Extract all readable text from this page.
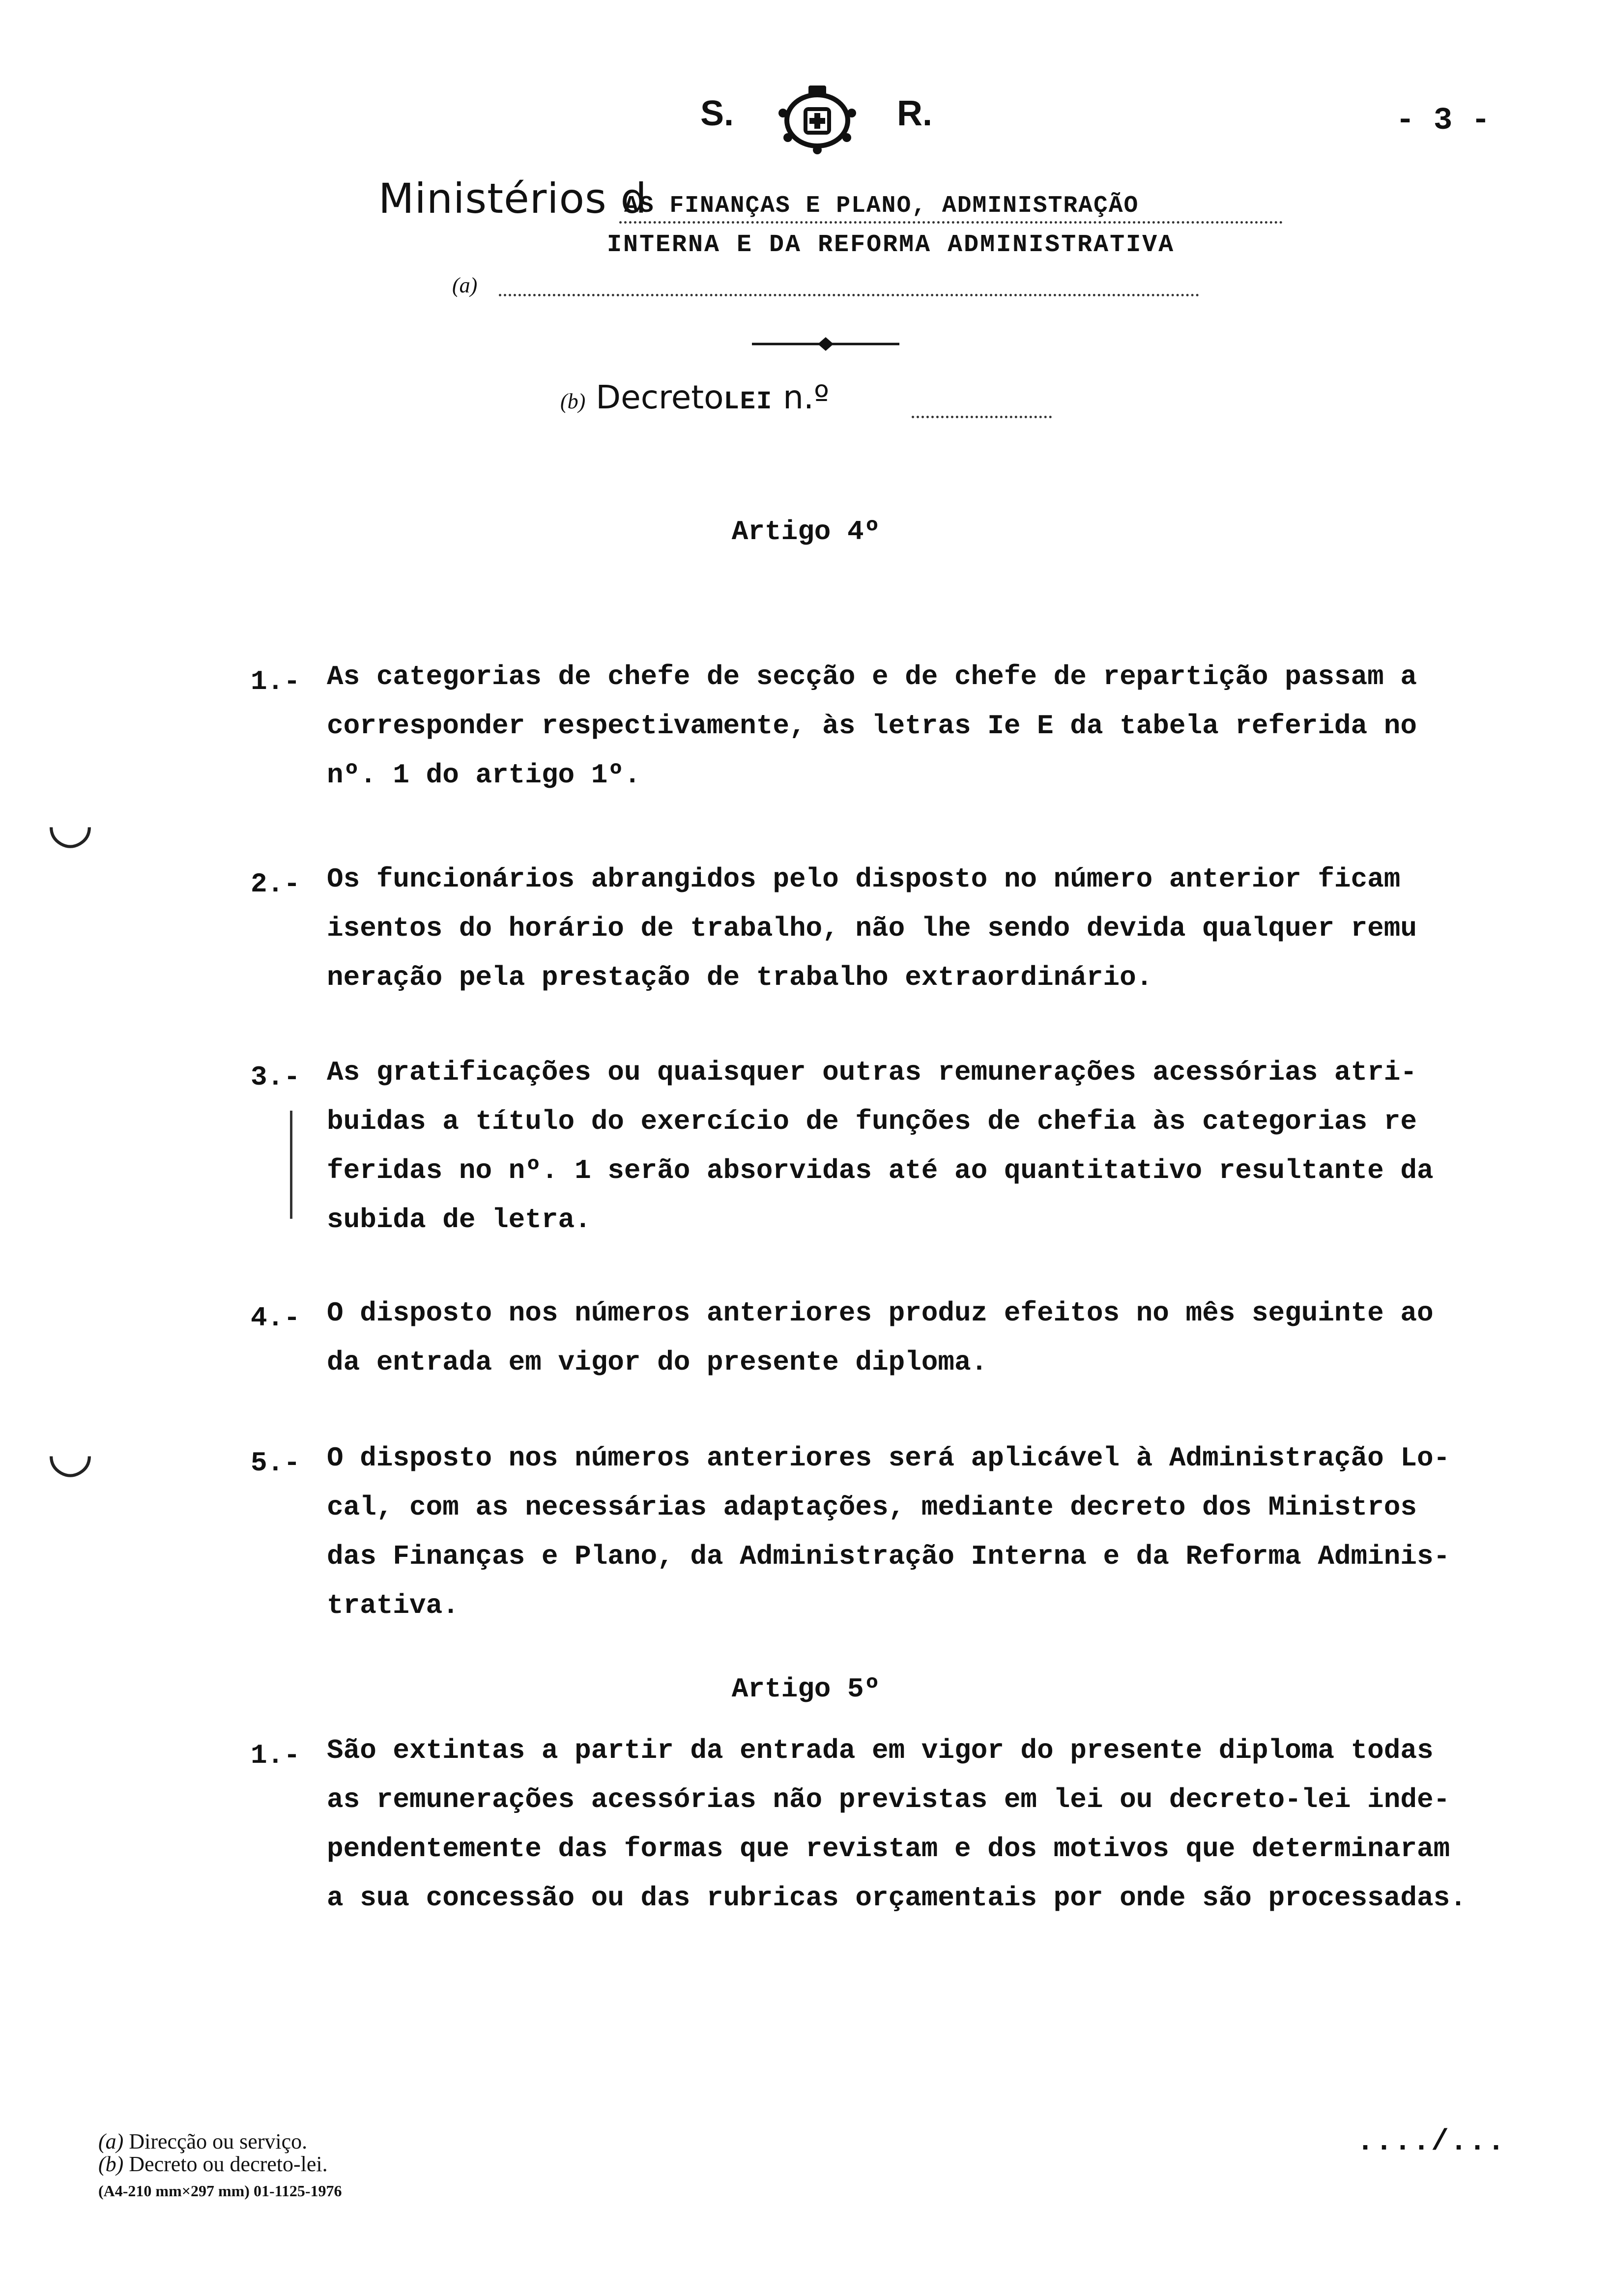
S.	R.	- 3 -
Ministérios d
AS FINANÇAS E PLANO, ADMINISTRAÇÃO
INTERNA E DA REFORMA ADMINISTRATIVA
(a)
(b) DecretoLEI n.º
Artigo 4º
1.- As categorias de chefe de secção e de chefe de repartição passam a
corresponder respectivamente, às letras Ie E da tabela referida no
nº. 1 do artigo 1º.
2.- Os funcionários abrangidos pelo disposto no número anterior ficam
isentos do horário de trabalho, não lhe sendo devida qualquer remu
neração pela prestação de trabalho extraordinário.
3.- As gratificações ou quaisquer outras remunerações acessórias atri-
buidas a título do exercício de funções de chefia às categorias re
feridas no nº. 1 serão absorvidas até ao quantitativo resultante da
subida de letra.
4.- O disposto nos números anteriores produz efeitos no mês seguinte ao
da entrada em vigor do presente diploma.
5.- O disposto nos números anteriores será aplicável à Administração Lo-
cal, com as necessárias adaptações, mediante decreto dos Ministros
das Finanças e Plano, da Administração Interna e da Reforma Adminis-
trativa.
Artigo 5º
1.- São extintas a partir da entrada em vigor do presente diploma todas
as remunerações acessórias não previstas em lei ou decreto-lei inde-
pendentemente das formas que revistam e dos motivos que determinaram
a sua concessão ou das rubricas orçamentais por onde são processadas.
◡
◡
(a) Direcção ou serviço.
(b) Decreto ou decreto-lei.
(A4-210 mm×297 mm) 01-1125-1976
..../...
